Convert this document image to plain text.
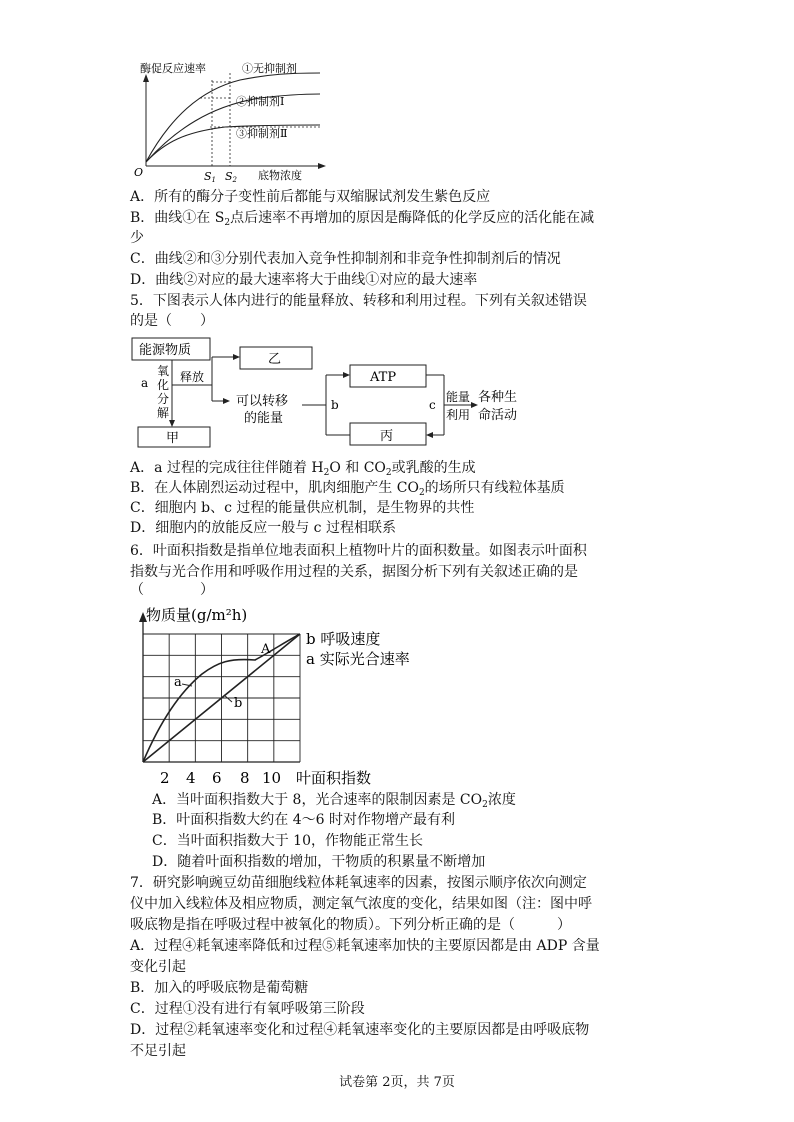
酶促反应速率
O	底物浓度
S1 S2
①无抑制剂
②抑制剂Ⅰ
③抑制剂Ⅱ
A．所有的酶分子变性前后都能与双缩脲试剂发生紫色反应
B．曲线①在 $S_2$点后速率不再增加的原因是酶降低的化学反应的活化能在减
少
C．曲线②和③分别代表加入竞争性抑制剂和非竞争性抑制剂后的情况
D．曲线②对应的最大速率将大于曲线①对应的最大速率
5．下图表示人体内进行的能量释放、转移和利用过程。下列有关叙述错误
的是（　　）
能源物质
a
氧
化
分
解
甲
释放
乙
可以转移
的能量
b
ATP
丙
c
能量
利用
各种生
命活动
A．a 过程的完成往往伴随着 $H_2O$ 和 $CO_2$或乳酸的生成
B．在人体剧烈运动过程中，肌肉细胞产生 $CO_2$的场所只有线粒体基质
C．细胞内 b、c 过程的能量供应机制，是生物界的共性
D．细胞内的放能反应一般与 c 过程相联系
6．叶面积指数是指单位地表面积上植物叶片的面积数量。如图表示叶面积
指数与光合作用和呼吸作用过程的关系，据图分析下列有关叙述正确的是
（　　　　）
物质量(g/m²h)
A
a
b
b 呼吸速度
a 实际光合速率
2 4 6 8 10 叶面积指数
A．当叶面积指数大于 8，光合速率的限制因素是 $CO_2$浓度
B．叶面积指数大约在 4～6 时对作物增产最有利
C．当叶面积指数大于 10，作物能正常生长
D．随着叶面积指数的增加，干物质的积累量不断增加
7．研究影响豌豆幼苗细胞线粒体耗氧速率的因素，按图示顺序依次向测定
仪中加入线粒体及相应物质，测定氧气浓度的变化，结果如图（注：图中呼
吸底物是指在呼吸过程中被氧化的物质）。下列分析正确的是（　　　）
A．过程④耗氧速率降低和过程⑤耗氧速率加快的主要原因都是由 ADP 含量
变化引起
B．加入的呼吸底物是葡萄糖
C．过程①没有进行有氧呼吸第三阶段
D．过程②耗氧速率变化和过程④耗氧速率变化的主要原因都是由呼吸底物
不足引起
试卷第 2页，共 7页
